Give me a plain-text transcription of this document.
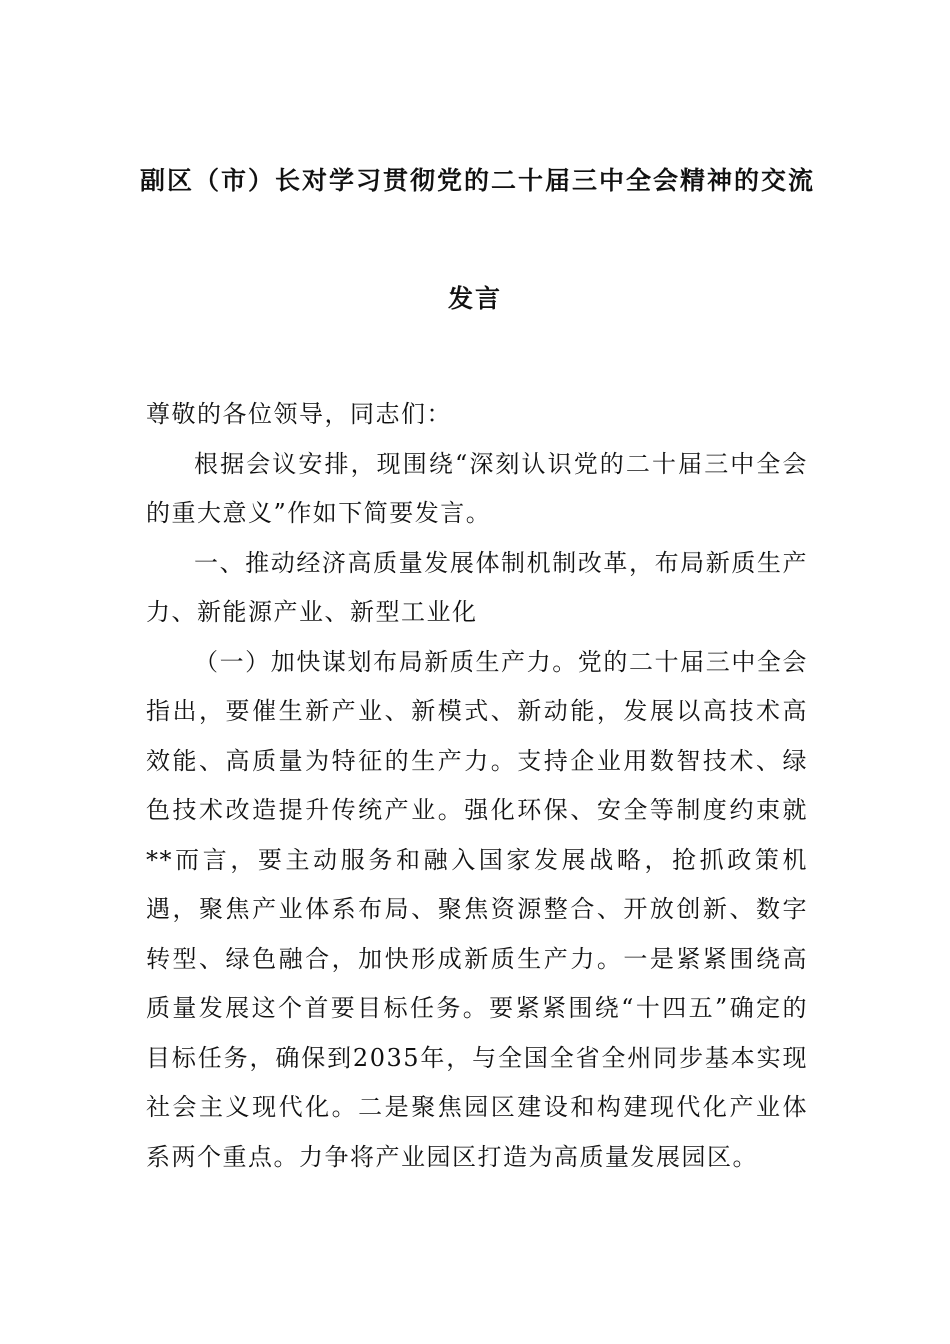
副区（市）长对学习贯彻党的二十届三中全会精神的交流
发言

尊敬的各位领导，同志们：

根据会议安排，现围绕“深刻认识党的二十届三中全会的重大意义”作如下简要发言。

一、推动经济高质量发展体制机制改革，布局新质生产力、新能源产业、新型工业化

（一）加快谋划布局新质生产力。党的二十届三中全会指出，要催生新产业、新模式、新动能，发展以高技术高效能、高质量为特征的生产力。支持企业用数智技术、绿色技术改造提升传统产业。强化环保、安全等制度约束就**而言，要主动服务和融入国家发展战略，抢抓政策机遇，聚焦产业体系布局、聚焦资源整合、开放创新、数字转型、绿色融合，加快形成新质生产力。一是紧紧围绕高质量发展这个首要目标任务。要紧紧围绕“十四五”确定的目标任务，确保到2035年，与全国全省全州同步基本实现社会主义现代化。二是聚焦园区建设和构建现代化产业体系两个重点。力争将产业园区打造为高质量发展园区。
